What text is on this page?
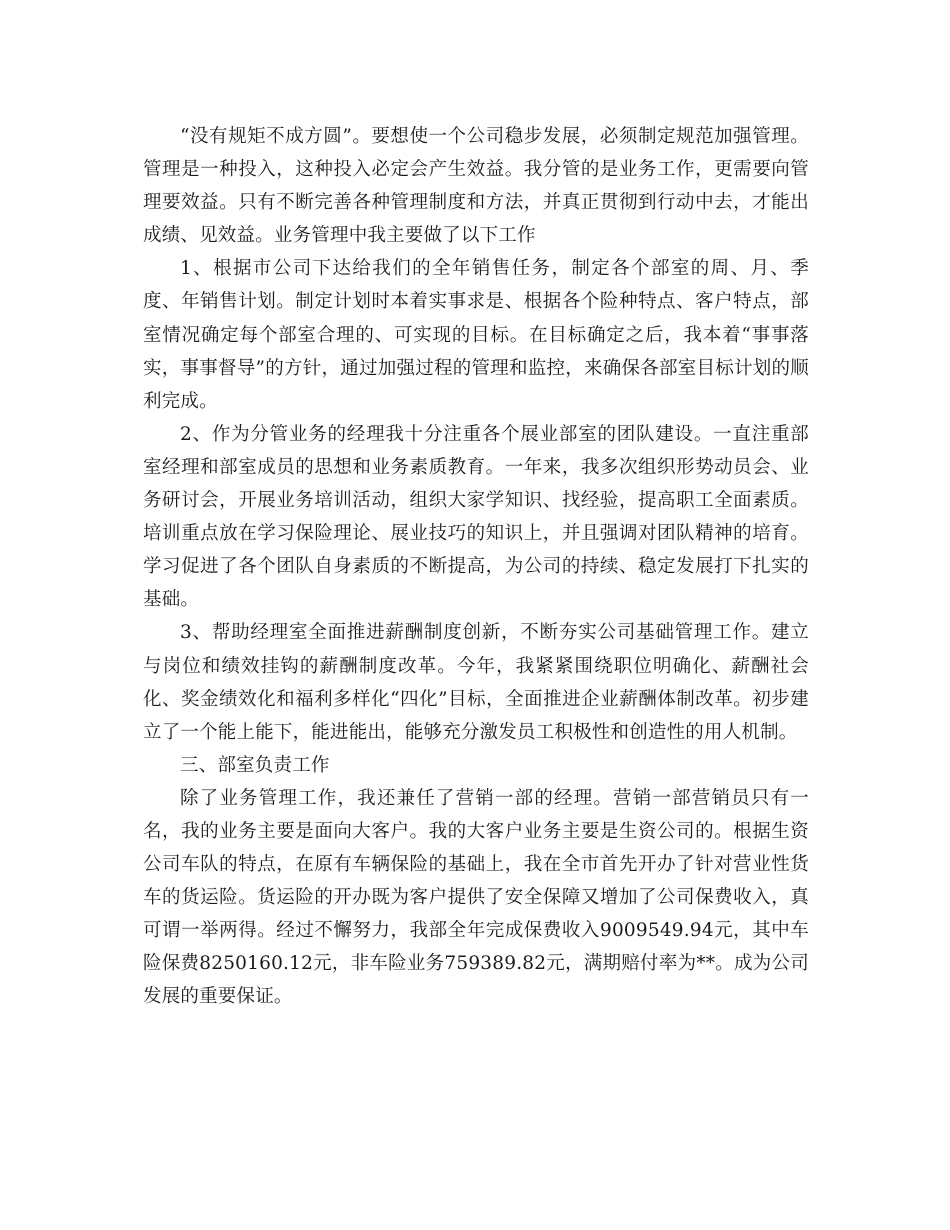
“没有规矩不成方圆”。要想使一个公司稳步发展，必须制定规范加强管理。管理是一种投入，这种投入必定会产生效益。我分管的是业务工作，更需要向管理要效益。只有不断完善各种管理制度和方法，并真正贯彻到行动中去，才能出成绩、见效益。业务管理中我主要做了以下工作

1、根据市公司下达给我们的全年销售任务，制定各个部室的周、月、季度、年销售计划。制定计划时本着实事求是、根据各个险种特点、客户特点，部室情况确定每个部室合理的、可实现的目标。在目标确定之后，我本着“事事落实，事事督导”的方针，通过加强过程的管理和监控，来确保各部室目标计划的顺利完成。

2、作为分管业务的经理我十分注重各个展业部室的团队建设。一直注重部室经理和部室成员的思想和业务素质教育。一年来，我多次组织形势动员会、业务研讨会，开展业务培训活动，组织大家学知识、找经验，提高职工全面素质。培训重点放在学习保险理论、展业技巧的知识上，并且强调对团队精神的培育。学习促进了各个团队自身素质的不断提高，为公司的持续、稳定发展打下扎实的基础。

3、帮助经理室全面推进薪酬制度创新，不断夯实公司基础管理工作。建立与岗位和绩效挂钩的薪酬制度改革。今年，我紧紧围绕职位明确化、薪酬社会化、奖金绩效化和福利多样化“四化”目标，全面推进企业薪酬体制改革。初步建立了一个能上能下，能进能出，能够充分激发员工积极性和创造性的用人机制。

三、部室负责工作

除了业务管理工作，我还兼任了营销一部的经理。营销一部营销员只有一名，我的业务主要是面向大客户。我的大客户业务主要是生资公司的。根据生资公司车队的特点，在原有车辆保险的基础上，我在全市首先开办了针对营业性货车的货运险。货运险的开办既为客户提供了安全保障又增加了公司保费收入，真可谓一举两得。经过不懈努力，我部全年完成保费收入9009549.94元，其中车险保费8250160.12元，非车险业务759389.82元，满期赔付率为**。成为公司发展的重要保证。
